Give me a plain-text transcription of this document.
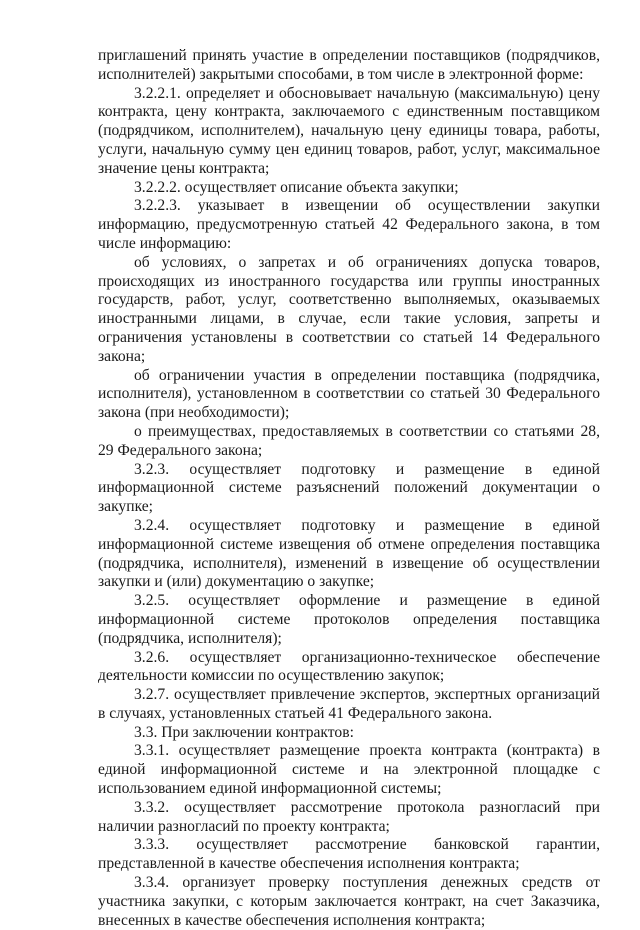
приглашений принять участие в определении поставщиков (подрядчиков, исполнителей) закрытыми способами, в том числе в электронной форме:

3.2.2.1. определяет и обосновывает начальную (максимальную) цену контракта, цену контракта, заключаемого с единственным поставщиком (подрядчиком, исполнителем), начальную цену единицы товара, работы, услуги, начальную сумму цен единиц товаров, работ, услуг, максимальное значение цены контракта;

3.2.2.2. осуществляет описание объекта закупки;

3.2.2.3. указывает в извещении об осуществлении закупки информацию, предусмотренную статьей 42 Федерального закона, в том числе информацию:

об условиях, о запретах и об ограничениях допуска товаров, происходящих из иностранного государства или группы иностранных государств, работ, услуг, соответственно выполняемых, оказываемых иностранными лицами, в случае, если такие условия, запреты и ограничения установлены в соответствии со статьей 14 Федерального закона;

об ограничении участия в определении поставщика (подрядчика, исполнителя), установленном в соответствии со статьей 30 Федерального закона (при необходимости);

о преимуществах, предоставляемых в соответствии со статьями 28, 29 Федерального закона;

3.2.3. осуществляет подготовку и размещение в единой информационной системе разъяснений положений документации о закупке;

3.2.4. осуществляет подготовку и размещение в единой информационной системе извещения об отмене определения поставщика (подрядчика, исполнителя), изменений в извещение об осуществлении закупки и (или) документацию о закупке;

3.2.5. осуществляет оформление и размещение в единой информационной системе протоколов определения поставщика (подрядчика, исполнителя);

3.2.6. осуществляет организационно-техническое обеспечение деятельности комиссии по осуществлению закупок;

3.2.7. осуществляет привлечение экспертов, экспертных организаций в случаях, установленных статьей 41 Федерального закона.

3.3. При заключении контрактов:

3.3.1. осуществляет размещение проекта контракта (контракта) в единой информационной системе и на электронной площадке с использованием единой информационной системы;

3.3.2. осуществляет рассмотрение протокола разногласий при наличии разногласий по проекту контракта;

3.3.3. осуществляет рассмотрение банковской гарантии, представленной в качестве обеспечения исполнения контракта;

3.3.4. организует проверку поступления денежных средств от участника закупки, с которым заключается контракт, на счет Заказчика, внесенных в качестве обеспечения исполнения контракта;
